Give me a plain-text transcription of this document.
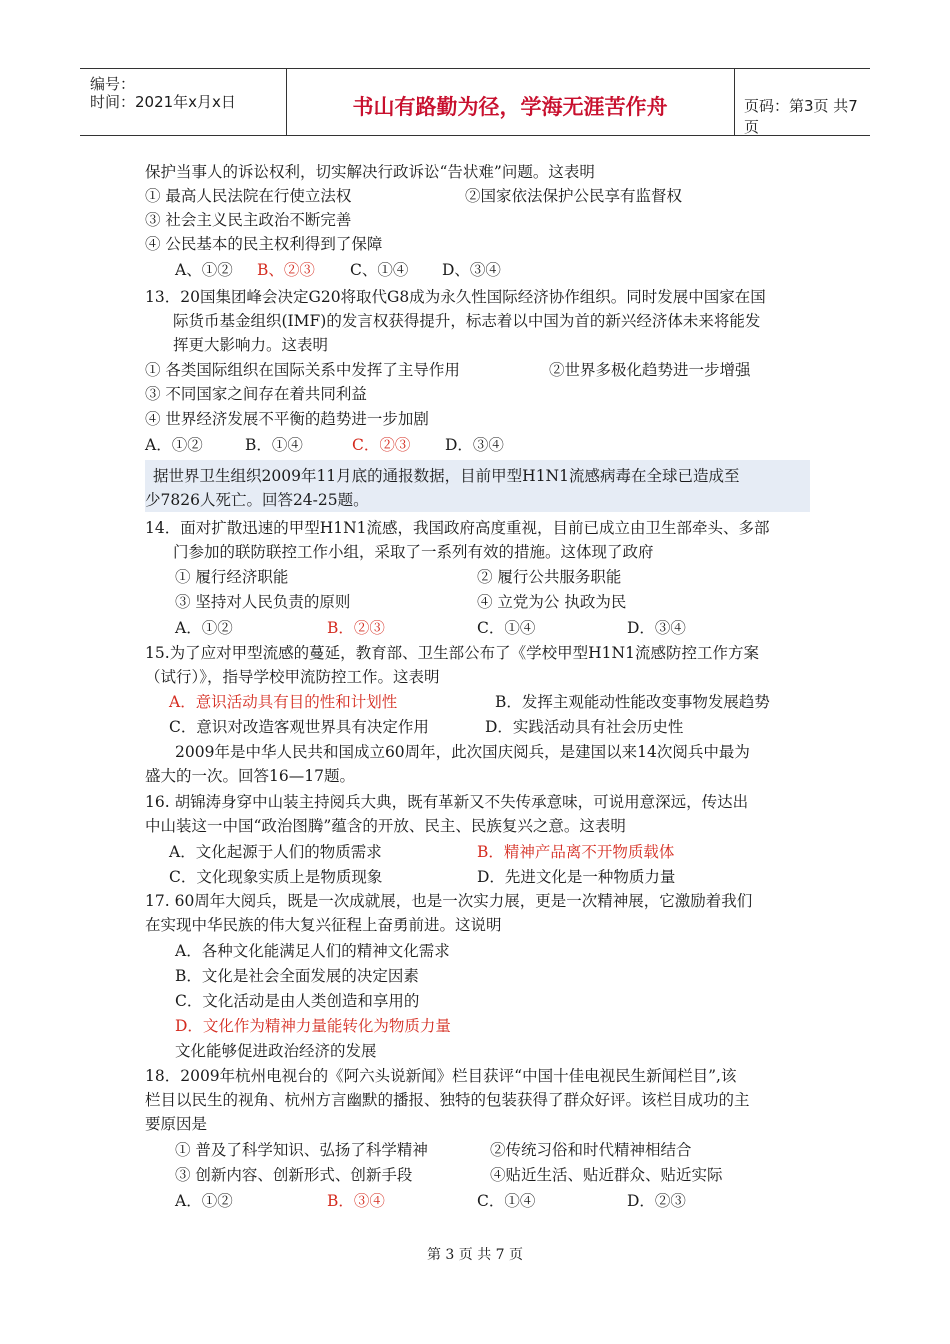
编号：
时间：2021年x月x日	书山有路勤为径，学海无涯苦作舟	页码：第3页 共7页
保护当事人的诉讼权利，切实解决行政诉讼“告状难”问题。这表明
① 最高人民法院在行使立法权	②国家依法保护公民享有监督权
③ 社会主义民主政治不断完善
④ 公民基本的民主权利得到了保障
A、①② B、②③ C、①④ D、③④
13．20国集团峰会决定G20将取代G8成为永久性国际经济协作组织。同时发展中国家在国
际货币基金组织(IMF)的发言权获得提升，标志着以中国为首的新兴经济体未来将能发
挥更大影响力。这表明
① 各类国际组织在国际关系中发挥了主导作用	②世界多极化趋势进一步增强
③ 不同国家之间存在着共同利益
④ 世界经济发展不平衡的趋势进一步加剧
A．①②	B．①④	C．②③ D．③④
据世界卫生组织2009年11月底的通报数据，目前甲型H1N1流感病毒在全球已造成至
少7826人死亡。回答24-25题。
14．面对扩散迅速的甲型H1N1流感，我国政府高度重视，目前已成立由卫生部牵头、多部
门参加的联防联控工作小组，采取了一系列有效的措施。这体现了政府
① 履行经济职能	② 履行公共服务职能
③ 坚持对人民负责的原则	④ 立党为公 执政为民
A．①②	B．②③	C．①④	D．③④
15.为了应对甲型流感的蔓延，教育部、卫生部公布了《学校甲型H1N1流感防控工作方案
（试行）》，指导学校甲流防控工作。这表明
A．意识活动具有目的性和计划性	B．发挥主观能动性能改变事物发展趋势
C．意识对改造客观世界具有决定作用	D．实践活动具有社会历史性
2009年是中华人民共和国成立60周年，此次国庆阅兵，是建国以来14次阅兵中最为
盛大的一次。回答16—17题。
16. 胡锦涛身穿中山装主持阅兵大典，既有革新又不失传承意味，可说用意深远，传达出
中山装这一中国“政治图腾”蕴含的开放、民主、民族复兴之意。这表明
A．文化起源于人们的物质需求	B．精神产品离不开物质载体
C．文化现象实质上是物质现象	D．先进文化是一种物质力量
17. 60周年大阅兵，既是一次成就展，也是一次实力展，更是一次精神展，它激励着我们
在实现中华民族的伟大复兴征程上奋勇前进。这说明
A．各种文化能满足人们的精神文化需求
B．文化是社会全面发展的决定因素
C．文化活动是由人类创造和享用的
D．文化作为精神力量能转化为物质力量
文化能够促进政治经济的发展
18．2009年杭州电视台的《阿六头说新闻》栏目获评“中国十佳电视民生新闻栏目”,该
栏目以民生的视角、杭州方言幽默的播报、独特的包装获得了群众好评。该栏目成功的主
要原因是
① 普及了科学知识、弘扬了科学精神	②传统习俗和时代精神相结合
③ 创新内容、创新形式、创新手段	④贴近生活、贴近群众、贴近实际
A．①②	B．③④	C．①④	D．②③
第 3 页 共 7 页
